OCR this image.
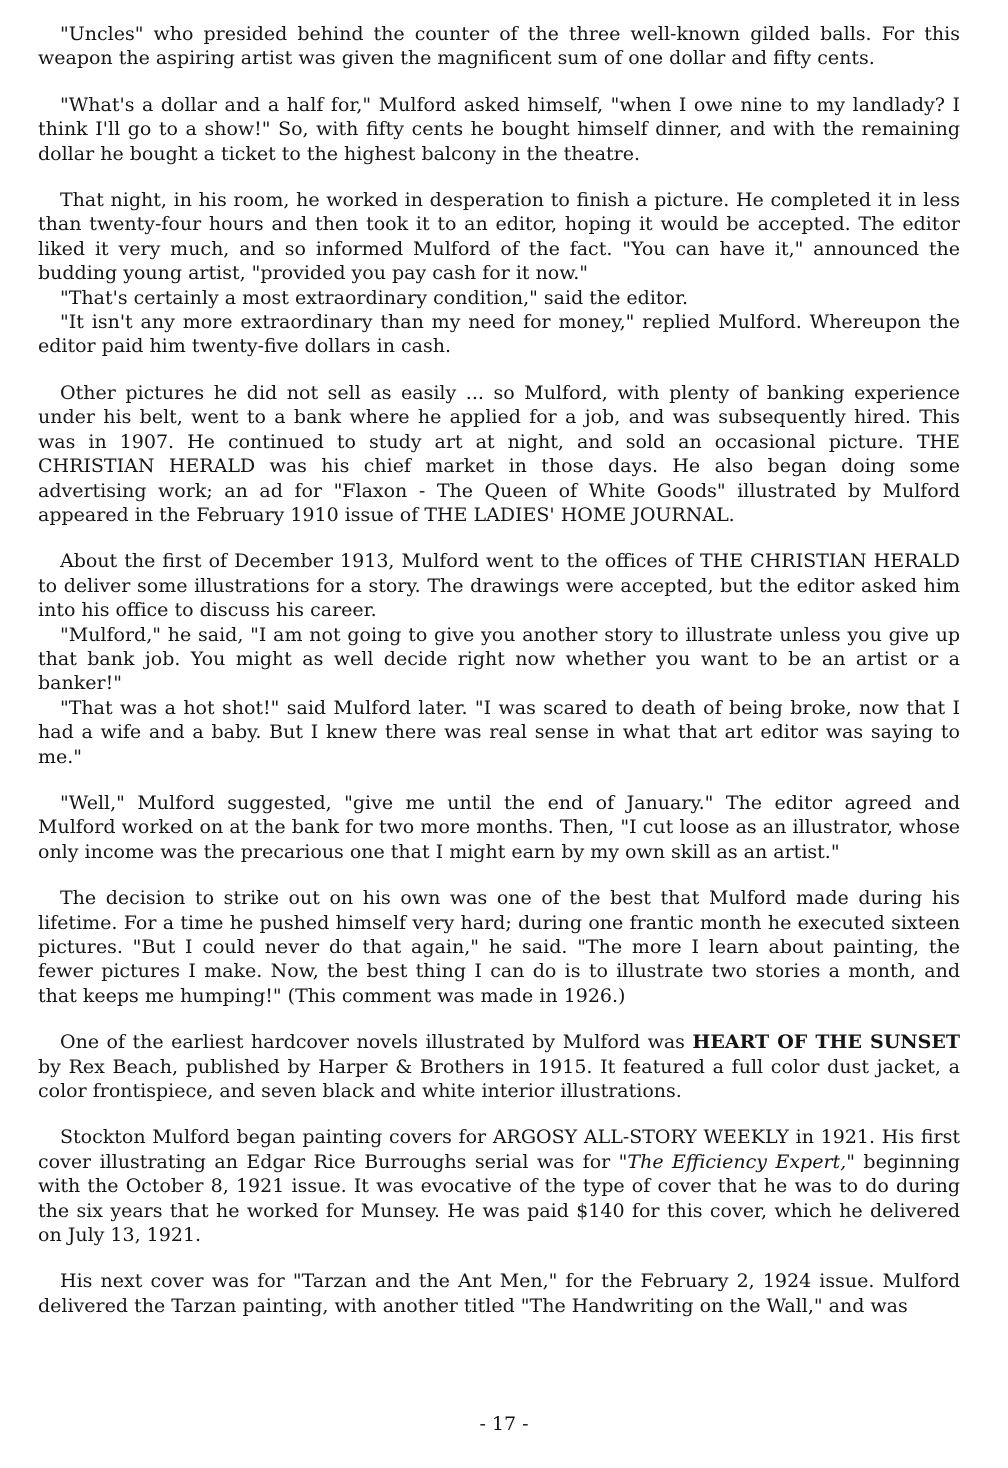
"Uncles" who presided behind the counter of the three well-known gilded balls. For this weapon the aspiring artist was given the magnificent sum of one dollar and fifty cents.

"What's a dollar and a half for," Mulford asked himself, "when I owe nine to my landlady? I think I'll go to a show!" So, with fifty cents he bought himself dinner, and with the remaining dollar he bought a ticket to the highest balcony in the theatre.

That night, in his room, he worked in desperation to finish a picture. He completed it in less than twenty-four hours and then took it to an editor, hoping it would be accepted. The editor liked it very much, and so informed Mulford of the fact. "You can have it," announced the budding young artist, "provided you pay cash for it now."

"That's certainly a most extraordinary condition," said the editor.

"It isn't any more extraordinary than my need for money," replied Mulford. Whereupon the editor paid him twenty-five dollars in cash.

Other pictures he did not sell as easily ... so Mulford, with plenty of banking experience under his belt, went to a bank where he applied for a job, and was subsequently hired. This was in 1907. He continued to study art at night, and sold an occasional picture. THE CHRISTIAN HERALD was his chief market in those days. He also began doing some advertising work; an ad for "Flaxon - The Queen of White Goods" illustrated by Mulford appeared in the February 1910 issue of THE LADIES' HOME JOURNAL.

About the first of December 1913, Mulford went to the offices of THE CHRISTIAN HERALD to deliver some illustrations for a story. The drawings were accepted, but the editor asked him into his office to discuss his career.

"Mulford," he said, "I am not going to give you another story to illustrate unless you give up that bank job. You might as well decide right now whether you want to be an artist or a banker!"

"That was a hot shot!" said Mulford later. "I was scared to death of being broke, now that I had a wife and a baby. But I knew there was real sense in what that art editor was saying to me."

"Well," Mulford suggested, "give me until the end of January." The editor agreed and Mulford worked on at the bank for two more months. Then, "I cut loose as an illustrator, whose only income was the precarious one that I might earn by my own skill as an artist."

The decision to strike out on his own was one of the best that Mulford made during his lifetime. For a time he pushed himself very hard; during one frantic month he executed sixteen pictures. "But I could never do that again," he said. "The more I learn about painting, the fewer pictures I make. Now, the best thing I can do is to illustrate two stories a month, and that keeps me humping!" (This comment was made in 1926.)

One of the earliest hardcover novels illustrated by Mulford was HEART OF THE SUNSET by Rex Beach, published by Harper & Brothers in 1915. It featured a full color dust jacket, a color frontispiece, and seven black and white interior illustrations.

Stockton Mulford began painting covers for ARGOSY ALL-STORY WEEKLY in 1921. His first cover illustrating an Edgar Rice Burroughs serial was for "The Efficiency Expert," beginning with the October 8, 1921 issue. It was evocative of the type of cover that he was to do during the six years that he worked for Munsey. He was paid $140 for this cover, which he delivered on July 13, 1921.

His next cover was for "Tarzan and the Ant Men," for the February 2, 1924 issue. Mulford delivered the Tarzan painting, with another titled "The Handwriting on the Wall," and was

- 17 -
